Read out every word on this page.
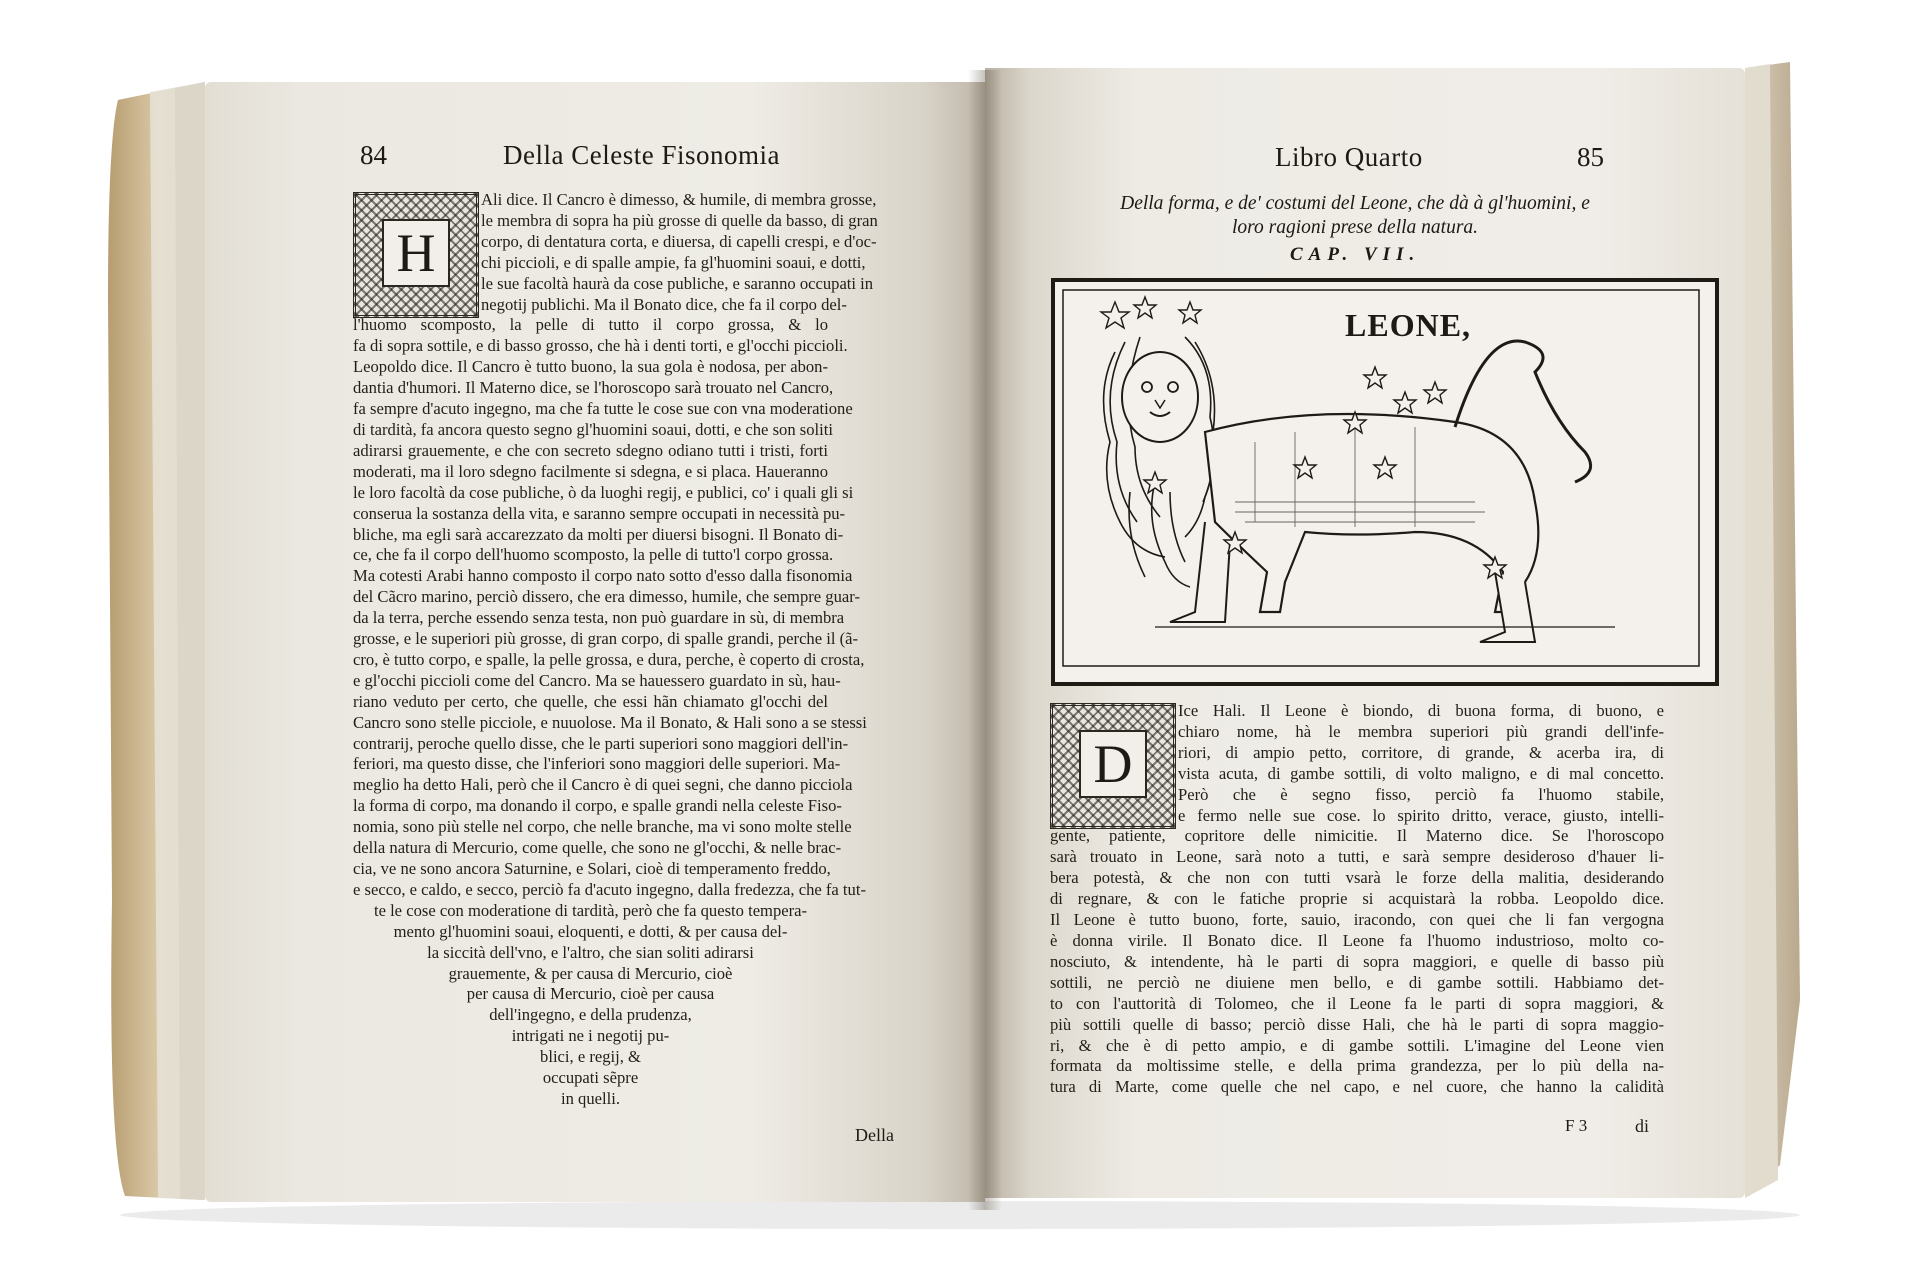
84	Della Celeste Fisonomia
H
Ali dice. Il Cancro è dimesso, & humile, di membra grosse,
le membra di sopra ha più grosse di quelle da basso, di gran
corpo, di dentatura corta, e diuersa, di capelli crespi, e d'oc-
chi piccioli, e di spalle ampie, fa gl'huomini soaui, e dotti,
le sue facoltà haurà da cose publiche, e saranno occupati in
negotij publichi. Ma il Bonato dice, che fa il corpo del-
l'huomo scomposto, la pelle di tutto il corpo grossa, & lo
fa di sopra sottile, e di basso grosso, che hà i denti torti, e gl'occhi piccioli.
Leopoldo dice. Il Cancro è tutto buono, la sua gola è nodosa, per abon-
dantia d'humori. Il Materno dice, se l'horoscopo sarà trouato nel Cancro,
fa sempre d'acuto ingegno, ma che fa tutte le cose sue con vna moderatione
di tardità, fa ancora questo segno gl'huomini soaui, dotti, e che son soliti
adirarsi grauemente, e che con secreto sdegno odiano tutti i tristi, forti
moderati, ma il loro sdegno facilmente si sdegna, e si placa. Haueranno
le loro facoltà da cose publiche, ò da luoghi regij, e publici, co' i quali gli si
conserua la sostanza della vita, e saranno sempre occupati in necessità pu-
bliche, ma egli sarà accarezzato da molti per diuersi bisogni. Il Bonato di-
ce, che fa il corpo dell'huomo scomposto, la pelle di tutto'l corpo grossa.
Ma cotesti Arabi hanno composto il corpo nato sotto d'esso dalla fisonomia
del Cãcro marino, perciò dissero, che era dimesso, humile, che sempre guar-
da la terra, perche essendo senza testa, non può guardare in sù, di membra
grosse, e le superiori più grosse, di gran corpo, di spalle grandi, perche il (ã-
cro, è tutto corpo, e spalle, la pelle grossa, e dura, perche, è coperto di crosta,
e gl'occhi piccioli come del Cancro. Ma se hauessero guardato in sù, hau-
riano veduto per certo, che quelle, che essi hãn chiamato gl'occhi del
Cancro sono stelle picciole, e nuuolose. Ma il Bonato, & Hali sono a se stessi
contrarij, peroche quello disse, che le parti superiori sono maggiori dell'in-
feriori, ma questo disse, che l'inferiori sono maggiori delle superiori. Ma-
meglio ha detto Hali, però che il Cancro è di quei segni, che danno picciola
la forma di corpo, ma donando il corpo, e spalle grandi nella celeste Fiso-
nomia, sono più stelle nel corpo, che nelle branche, ma vi sono molte stelle
della natura di Mercurio, come quelle, che sono ne gl'occhi, & nelle brac-
cia, ve ne sono ancora Saturnine, e Solari, cioè di temperamento freddo,
e secco, e caldo, e secco, perciò fa d'acuto ingegno, dalla fredezza, che fa tut-
te le cose con moderatione di tardità, però che fa questo tempera-
mento gl'huomini soaui, eloquenti, e dotti, & per causa del-
la siccità dell'vno, e l'altro, che sian soliti adirarsi
grauemente, & per causa di Mercurio, cioè
per causa di Mercurio, cioè per causa
dell'ingegno, e della prudenza,
intrigati ne i negotij pu-
blici, e regij, &
occupati sẽpre
in quelli.
Della
Libro Quarto	85
Della forma, e de' costumi del Leone, che dà à gl'huomini, e
loro ragioni prese della natura.
CAP. VII.
LEONE,
D
Ice Hali. Il Leone è biondo, di buona forma, di buono, e
chiaro nome, hà le membra superiori più grandi dell'infe-
riori, di ampio petto, corritore, di grande, & acerba ira, di
vista acuta, di gambe sottili, di volto maligno, e di mal concetto.
Però che è segno fisso, perciò fa l'huomo stabile,
e fermo nelle sue cose. lo spirito dritto, verace, giusto, intelli-
gente, patiente, copritore delle nimicitie. Il Materno dice. Se l'horoscopo
sarà trouato in Leone, sarà noto a tutti, e sarà sempre desideroso d'hauer li-
bera potestà, & che non con tutti vsarà le forze della malitia, desiderando
di regnare, & con le fatiche proprie si acquistarà la robba. Leopoldo dice.
Il Leone è tutto buono, forte, sauio, iracondo, con quei che li fan vergogna
è donna virile. Il Bonato dice. Il Leone fa l'huomo industrioso, molto co-
nosciuto, & intendente, hà le parti di sopra maggiori, e quelle di basso più
sottili, ne perciò ne diuiene men bello, e di gambe sottili. Habbiamo det-
to con l'auttorità di Tolomeo, che il Leone fa le parti di sopra maggiori, &
più sottili quelle di basso; perciò disse Hali, che hà le parti di sopra maggio-
ri, & che è di petto ampio, e di gambe sottili. L'imagine del Leone vien
formata da moltissime stelle, e della prima grandezza, per lo più della na-
tura di Marte, come quelle che nel capo, e nel cuore, che hanno la calidità
F 3	di
